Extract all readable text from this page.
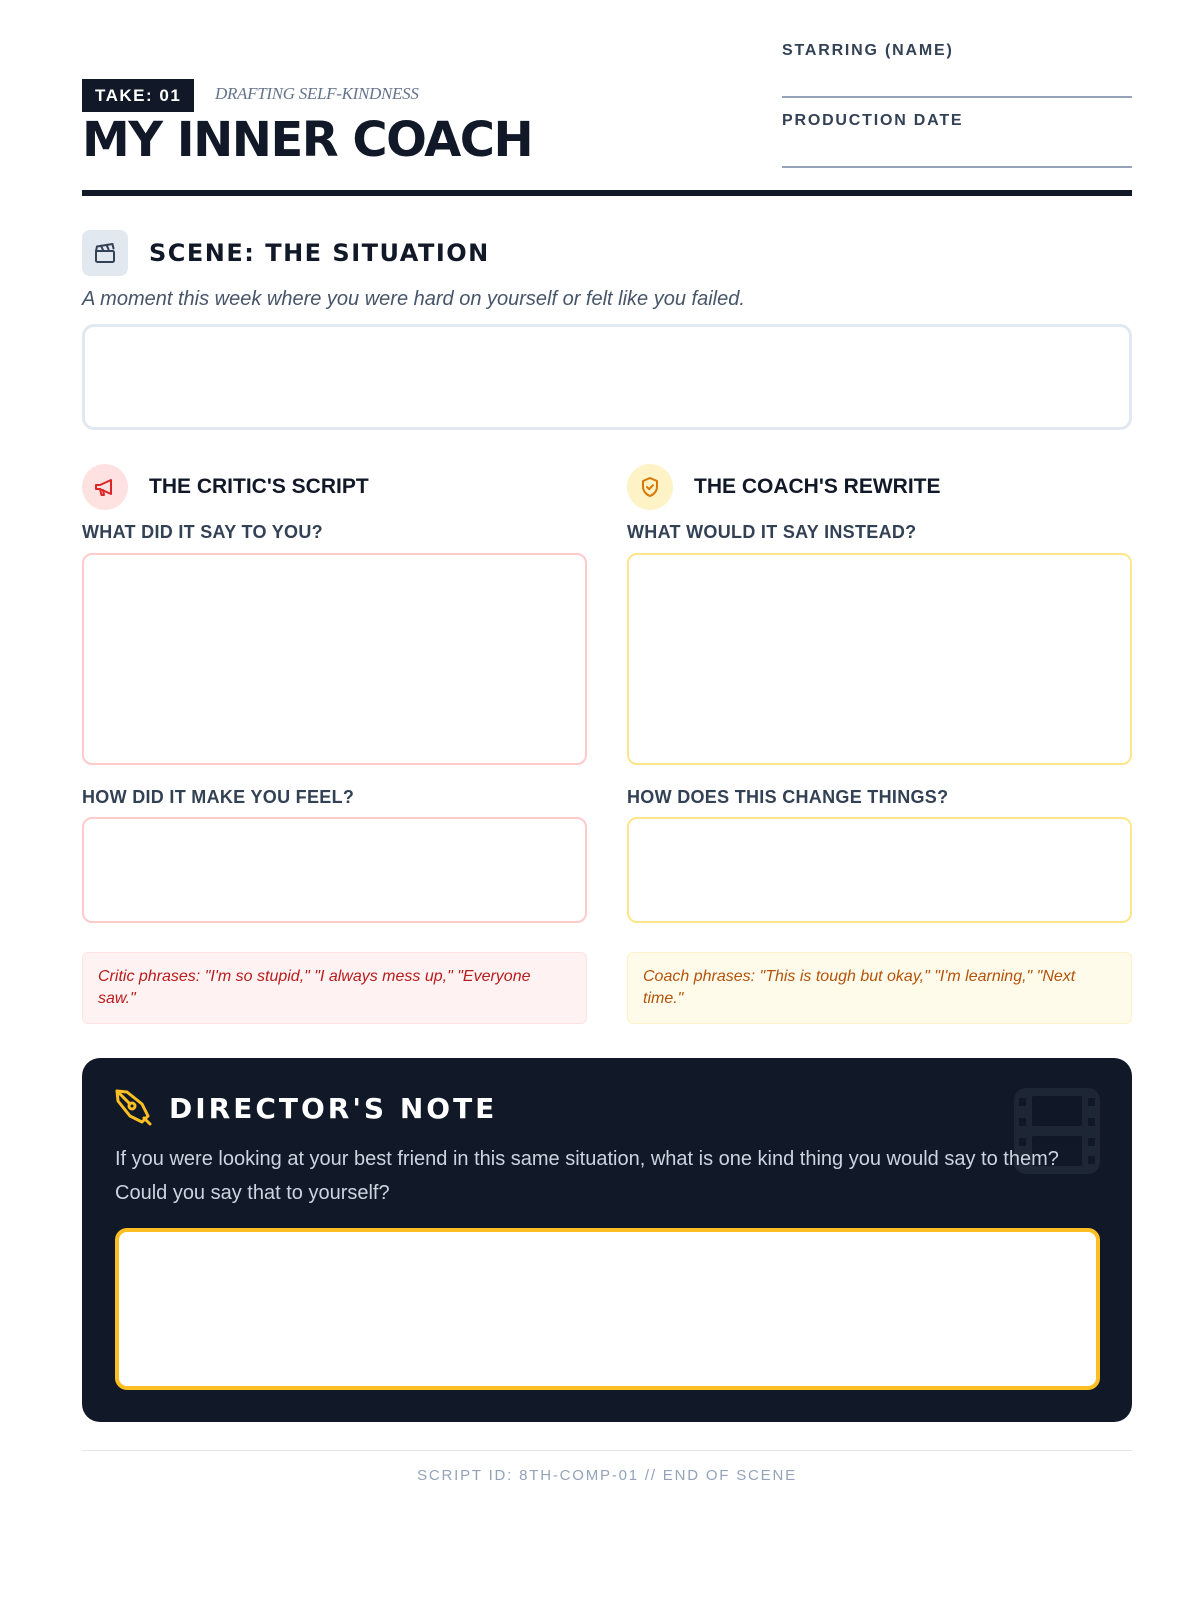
TAKE: 01	DRAFTING SELF-KINDNESS
MY INNER COACH
STARRING (NAME)
PRODUCTION DATE
SCENE: THE SITUATION

A moment this week where you were hard on yourself or felt like you failed.

THE CRITIC'S SCRIPT
WHAT DID IT SAY TO YOU?
HOW DID IT MAKE YOU FEEL?
Critic phrases: "I'm so stupid," "I always mess up," "Everyone saw."
THE COACH'S REWRITE
WHAT WOULD IT SAY INSTEAD?
HOW DOES THIS CHANGE THINGS?
Coach phrases: "This is tough but okay," "I'm learning," "Next time."
DIRECTOR'S NOTE

If you were looking at your best friend in this same situation, what is one kind thing you would say to them? Could you say that to yourself?

SCRIPT ID: 8TH-COMP-01 // END OF SCENE
